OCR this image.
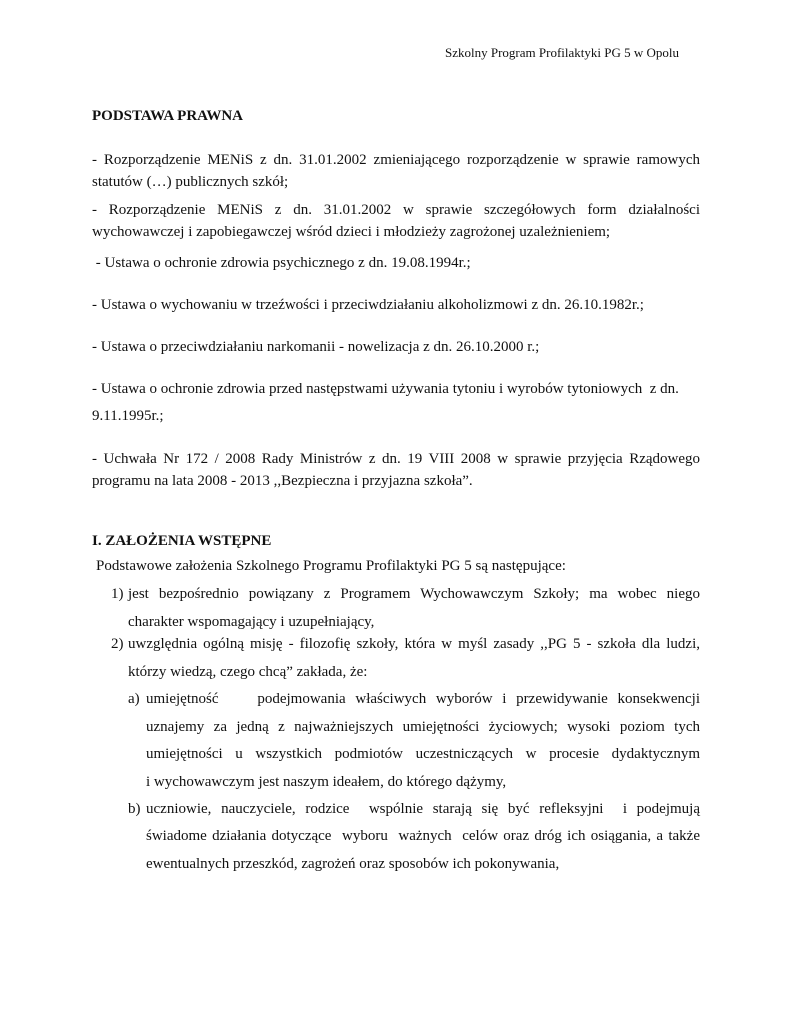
Szkolny Program Profilaktyki PG 5 w Opolu
PODSTAWA PRAWNA
- Rozporządzenie MENiS z dn. 31.01.2002 zmieniającego rozporządzenie w sprawie ramowych statutów (…) publicznych szkół;
- Rozporządzenie MENiS z dn. 31.01.2002 w sprawie szczegółowych form działalności wychowawczej i zapobiegawczej wśród dzieci i młodzieży zagrożonej uzależnieniem;
- Ustawa o ochronie zdrowia psychicznego z dn. 19.08.1994r.;
- Ustawa o wychowaniu w trzeźwości i przeciwdziałaniu alkoholizmowi z dn. 26.10.1982r.;
- Ustawa o przeciwdziałaniu narkomanii - nowelizacja z dn. 26.10.2000 r.;
- Ustawa o ochronie zdrowia przed następstwami używania tytoniu i wyrobów tytoniowych  z dn.
9.11.1995r.;
- Uchwała Nr 172 / 2008 Rady Ministrów z dn. 19 VIII 2008 w sprawie przyjęcia Rządowego programu na lata 2008 - 2013 ,,Bezpieczna i przyjazna szkoła”.
I. ZAŁOŻENIA WSTĘPNE
Podstawowe założenia Szkolnego Programu Profilaktyki PG 5 są następujące:
1) jest bezpośrednio powiązany z Programem Wychowawczym Szkoły; ma wobec niego
charakter wspomagający i uzupełniający,
2) uwzględnia ogólną misję - filozofię szkoły, która w myśl zasady ,,PG 5 - szkoła dla ludzi,
którzy wiedzą, czego chcą” zakłada, że:
a) umiejętność    podejmowania właściwych wyborów i przewidywanie konsekwencji
uznajemy za jedną z najważniejszych umiejętności życiowych; wysoki poziom tych
umiejętności u wszystkich podmiotów uczestniczących w procesie dydaktycznym
i wychowawczym jest naszym ideałem, do którego dążymy,
b) uczniowie, nauczyciele, rodzice  wspólnie starają się być refleksyjni  i podejmują
świadome działania dotyczące  wyboru  ważnych  celów oraz dróg ich osiągania, a także
ewentualnych przeszkód, zagrożeń oraz sposobów ich pokonywania,
